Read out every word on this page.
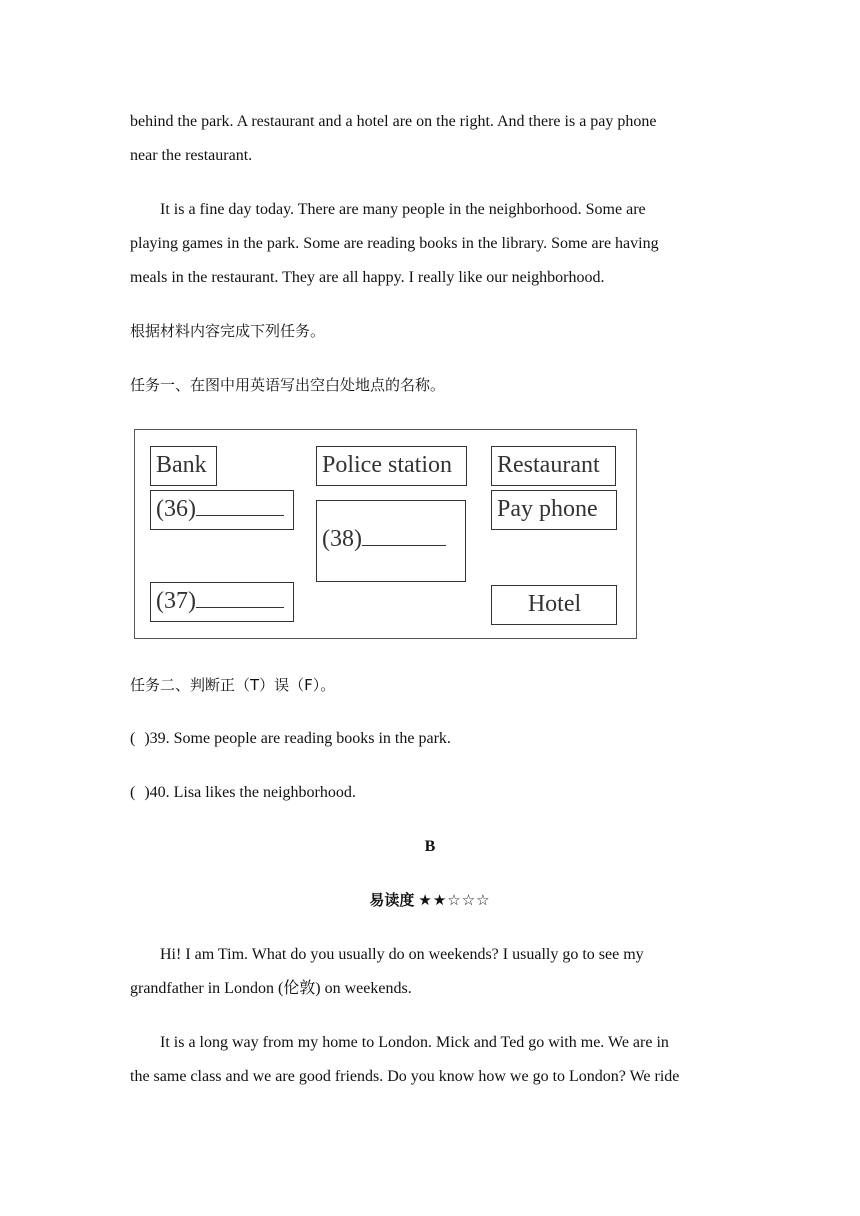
behind the park. A restaurant and a hotel are on the right. And there is a pay phone
near the restaurant.
It is a fine day today. There are many people in the neighborhood. Some are
playing games in the park. Some are reading books in the library. Some are having
meals in the restaurant. They are all happy. I really like our neighborhood.
根据材料内容完成下列任务。
任务一、在图中用英语写出空白处地点的名称。
Bank	Police station	Restaurant
(36)	Pay phone
(38)
(37)	Hotel
任务二、判断正（T）误（F）。
( )39. Some people are reading books in the park.
( )40. Lisa likes the neighborhood.
B
易读度 ★★☆☆☆
Hi! I am Tim. What do you usually do on weekends? I usually go to see my
grandfather in London (伦敦) on weekends.
It is a long way from my home to London. Mick and Ted go with me. We are in
the same class and we are good friends. Do you know how we go to London? We ride
